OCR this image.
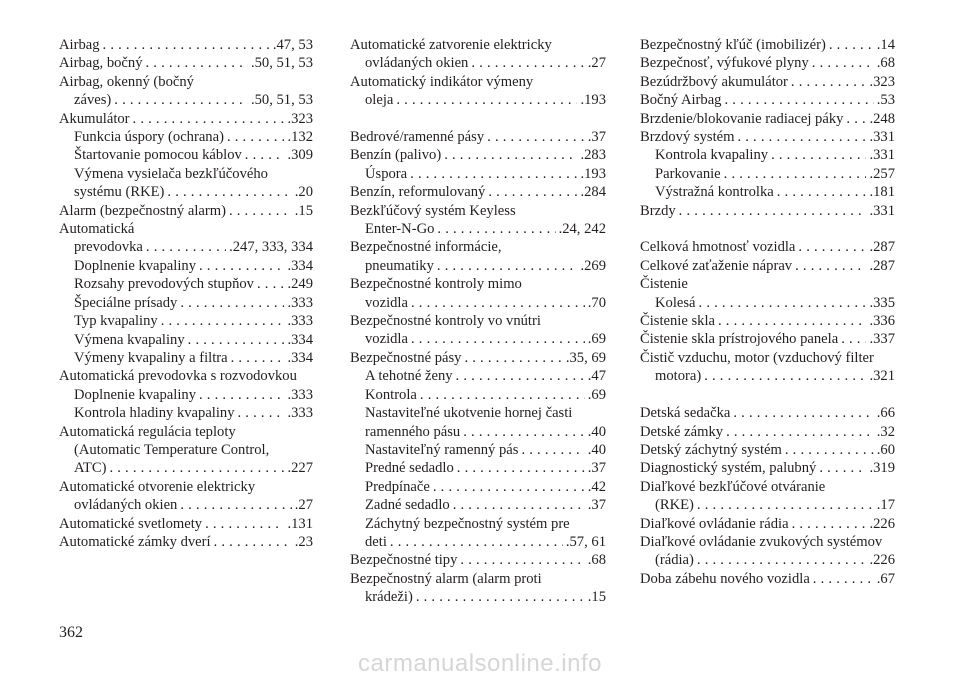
Airbag . . .	.47, 53
Airbag, bočný . . .	.50, 51, 53
Airbag, okenný (bočný
záves) . . .	.50, 51, 53
Akumulátor . . .	.323
Funkcia úspory (ochrana) . . .	.132
Štartovanie pomocou káblov . . .	.309
Výmena vysielača bezkľúčového
systému (RKE) . . .	.20
Alarm (bezpečnostný alarm) . . .	.15
Automatická
prevodovka . . .	.247, 333, 334
Doplnenie kvapaliny . . .	.334
Rozsahy prevodových stupňov . . . .249
Špeciálne prísady . . .	.333
Typ kvapaliny . . .	.333
Výmena kvapaliny . . .	.334
Výmeny kvapaliny a filtra . . .	.334
Automatická prevodovka s rozvodovkou
Doplnenie kvapaliny . . .	.333
Kontrola hladiny kvapaliny . . .	.333
Automatická regulácia teploty
(Automatic Temperature Control,
ATC) . . .	.227
Automatické otvorenie elektricky
ovládaných okien . . .	.27
Automatické svetlomety . . .	.131
Automatické zámky dverí . . .	.23
Automatické zatvorenie elektricky
ovládaných okien . . .	.27
Automatický indikátor výmeny
oleja . . .	.193
Bedrové/ramenné pásy . . .	.37
Benzín (palivo) . . .	.283
Úspora . . .	.193
Benzín, reformulovaný . . .	.284
Bezkľúčový systém Keyless
Enter-N-Go . . .	.24, 242
Bezpečnostné informácie,
pneumatiky . . .	.269
Bezpečnostné kontroly mimo
vozidla . . .	.70
Bezpečnostné kontroly vo vnútri
vozidla . . .	.69
Bezpečnostné pásy . . .	.35, 69
A tehotné ženy . . .	.47
Kontrola . . .	.69
Nastaviteľné ukotvenie hornej časti
ramenného pásu . . .	.40
Nastaviteľný ramenný pás . . .	.40
Predné sedadlo . . .	.37
Predpínače . . .	.42
Zadné sedadlo . . .	.37
Záchytný bezpečnostný systém pre
deti . . .	.57, 61
Bezpečnostné tipy . . .	.68
Bezpečnostný alarm (alarm proti
krádeži) . . .	.15
Bezpečnostný kľúč (imobilizér) . . .	.14
Bezpečnosť, výfukové plyny . . .	.68
Bezúdržbový akumulátor . . .	.323
Bočný Airbag . . .	.53
Brzdenie/blokovanie radiacej páky . . . .248
Brzdový systém . . .	.331
Kontrola kvapaliny . . .	.331
Parkovanie . . .	.257
Výstražná kontrolka . . .	.181
Brzdy . . .	.331
Celková hmotnosť vozidla . . .	.287
Celkové zaťaženie náprav . . .	.287
Čistenie
Kolesá . . .	.335
Čistenie skla . . .	.336
Čistenie skla prístrojového panela . . . .337
Čistič vzduchu, motor (vzduchový filter
motora) . . .	.321
Detská sedačka . . .	.66
Detské zámky . . .	.32
Detský záchytný systém . . .	.60
Diagnostický systém, palubný . . .	.319
Diaľkové bezkľúčové otváranie
(RKE) . . .	.17
Diaľkové ovládanie rádia . . .	.226
Diaľkové ovládanie zvukových systémov
(rádia) . . .	.226
Doba zábehu nového vozidla . . .	.67
362
carmanualsonline.info
